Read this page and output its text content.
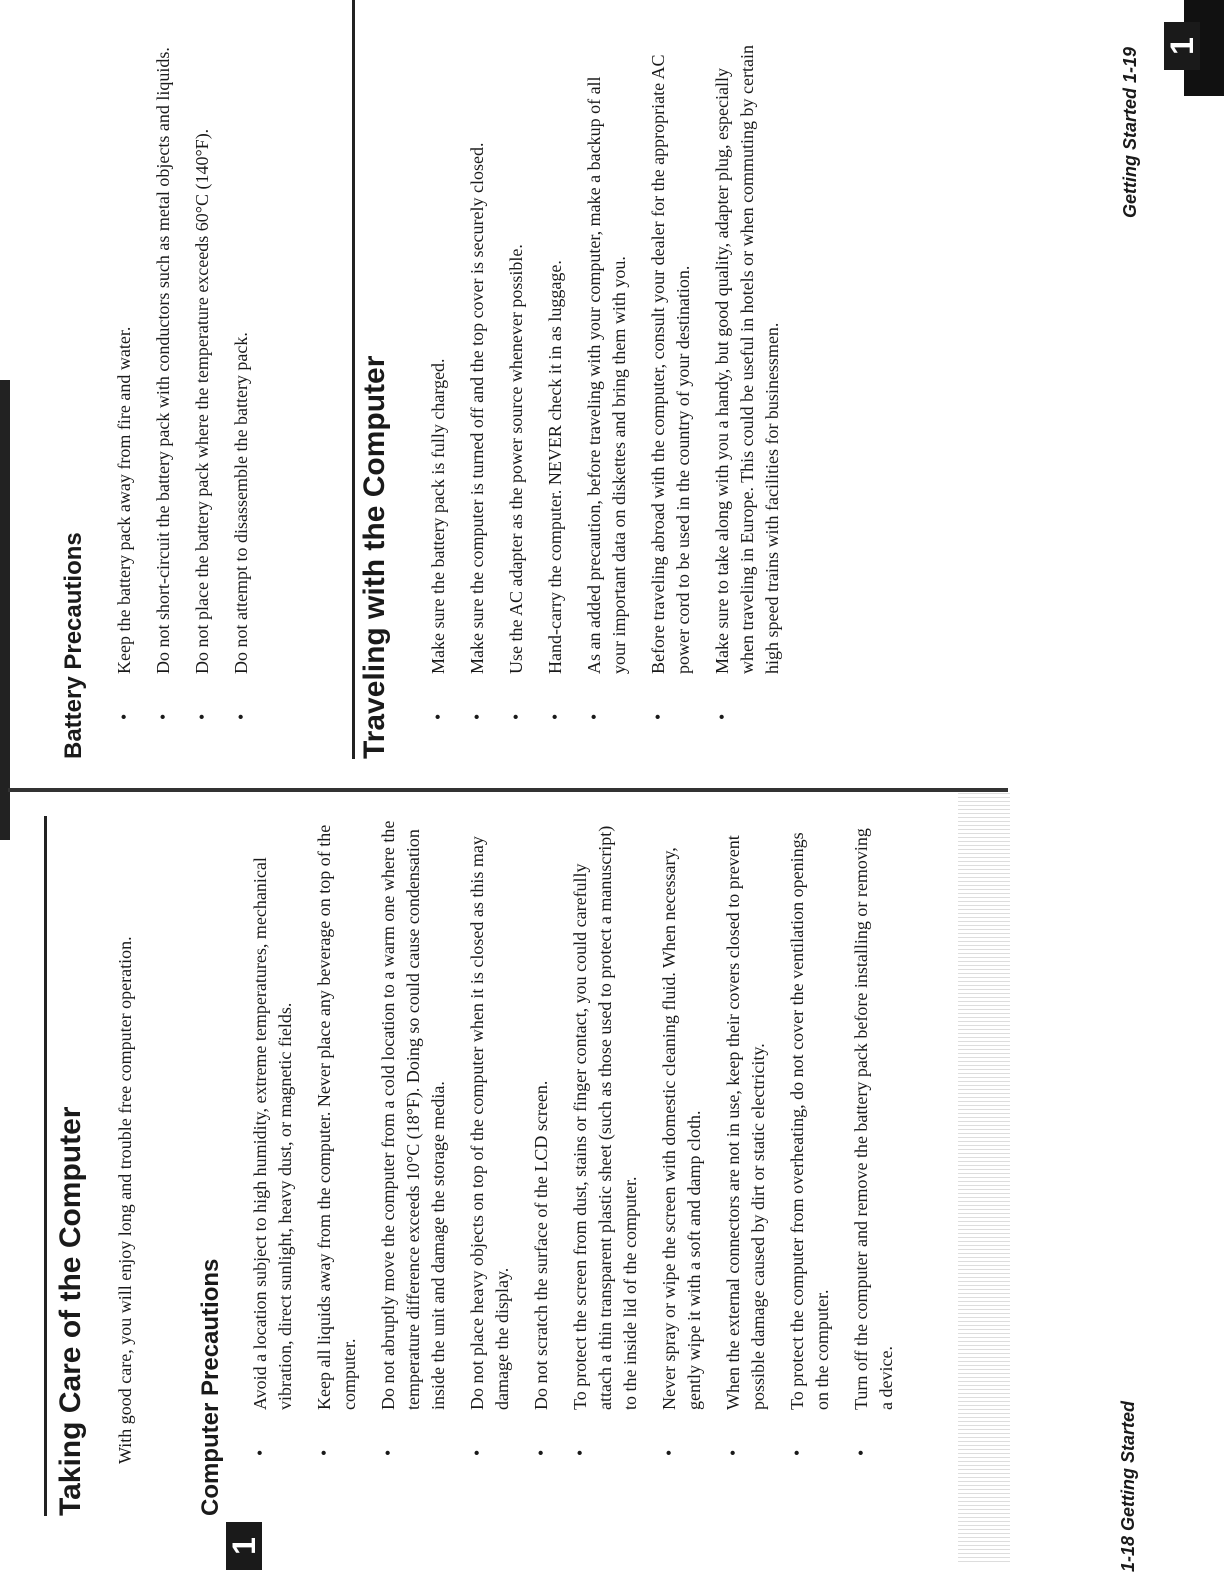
1
Taking Care of the Computer With good care, you will enjoy long and trouble free computer operation.	Computer Precautions •
Avoid a location subject to high humidity, extreme temperatures, mechanical vibration, direct sunlight, heavy dust, or magnetic fields.
•
Keep all liquids away from the computer. Never place any beverage on top of the computer.
•
Do not abruptly move the computer from a cold location to a warm one where the temperature difference exceeds 10°C (18°F). Doing so could cause condensation inside the unit and damage the storage media.
•
Do not place heavy objects on top of the computer when it is closed as this may damage the display.
•
Do not scratch the surface of the LCD screen.
•
To protect the screen from dust, stains or finger contact, you could carefully attach a thin transparent plastic sheet (such as those used to protect a manuscript) to the inside lid of the computer.
•
Never spray or wipe the screen with domestic cleaning fluid. When necessary, gently wipe it with a soft and damp cloth.
•
When the external connectors are not in use, keep their covers closed to prevent possible damage caused by dirt or static electricity.
•
To protect the computer from overheating, do not cover the ventilation openings on the computer.
•
Turn off the computer and remove the battery pack before installing or removing a device.

1-18 Getting Started

Battery Precautions •
Keep the battery pack away from fire and water.
•
Do not short-circuit the battery pack with conductors such as metal objects and liquids.
•
Do not place the battery pack where the temperature exceeds 60°C (140°F).
•
Do not attempt to disassemble the battery pack.	Traveling with the Computer •
Make sure the battery pack is fully charged.
•
Make sure the computer is turned off and the top cover is securely closed.
•
Use the AC adapter as the power source whenever possible.
•
Hand-carry the computer. NEVER check it in as luggage.
•
As an added precaution, before traveling with your computer, make a backup of all your important data on diskettes and bring them with you.
•
Before traveling abroad with the computer, consult your dealer for the appropriate AC power cord to be used in the country of your destination.
•
Make sure to take along with you a handy, but good quality, adapter plug, especially when traveling in Europe. This could be useful in hotels or when commuting by certain high speed trains with facilities for businessmen.
1

Getting Started 1-19
